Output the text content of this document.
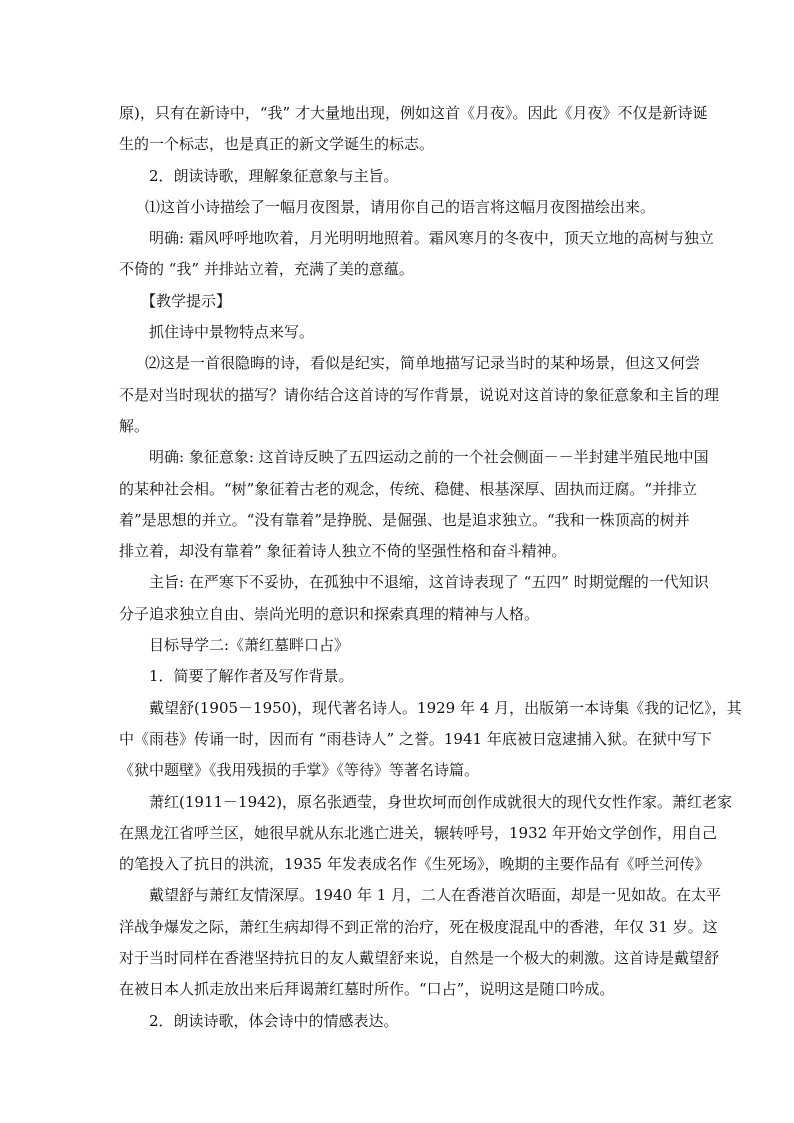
原)，只有在新诗中，“我” 才大量地出现，例如这首《月夜》。因此《月夜》不仅是新诗诞
生的一个标志，也是真正的新文学诞生的标志。
2．朗读诗歌，理解象征意象与主旨。
⑴这首小诗描绘了一幅月夜图景，请用你自己的语言将这幅月夜图描绘出来。
明确: 霜风呼呼地吹着，月光明明地照着。霜风寒月的冬夜中，顶天立地的高树与独立
不倚的 “我” 并排站立着，充满了美的意蕴。
【教学提示】
抓住诗中景物特点来写。
⑵这是一首很隐晦的诗，看似是纪实，简单地描写记录当时的某种场景，但这又何尝
不是对当时现状的描写？请你结合这首诗的写作背景，说说对这首诗的象征意象和主旨的理
解。
明确: 象征意象: 这首诗反映了五四运动之前的一个社会侧面－－半封建半殖民地中国
的某种社会相。“树”象征着古老的观念，传统、稳健、根基深厚、固执而迂腐。“并排立
着”是思想的并立。“没有靠着”是挣脱、是倔强、也是追求独立。“我和一株顶高的树并
排立着，却没有靠着” 象征着诗人独立不倚的坚强性格和奋斗精神。
主旨: 在严寒下不妥协，在孤独中不退缩，这首诗表现了 “五四” 时期觉醒的一代知识
分子追求独立自由、崇尚光明的意识和探索真理的精神与人格。
目标导学二:《萧红墓畔口占》
1．简要了解作者及写作背景。
戴望舒(1905－1950)，现代著名诗人。1929 年 4 月，出版第一本诗集《我的记忆》，其
中《雨巷》传诵一时，因而有 “雨巷诗人” 之誉。1941 年底被日寇逮捕入狱。在狱中写下
《狱中题壁》《我用残损的手掌》《等待》等著名诗篇。
萧红(1911－1942)，原名张迺莹，身世坎坷而创作成就很大的现代女性作家。萧红老家
在黑龙江省呼兰区，她很早就从东北逃亡进关，辗转呼号，1932 年开始文学创作，用自己
的笔投入了抗日的洪流，1935 年发表成名作《生死场》，晚期的主要作品有《呼兰河传》
戴望舒与萧红友情深厚。1940 年 1 月，二人在香港首次晤面，却是一见如故。在太平
洋战争爆发之际，萧红生病却得不到正常的治疗，死在极度混乱中的香港，年仅 31 岁。这
对于当时同样在香港坚持抗日的友人戴望舒来说，自然是一个极大的刺激。这首诗是戴望舒
在被日本人抓走放出来后拜谒萧红墓时所作。“口占”，说明这是随口吟成。
2．朗读诗歌，体会诗中的情感表达。
